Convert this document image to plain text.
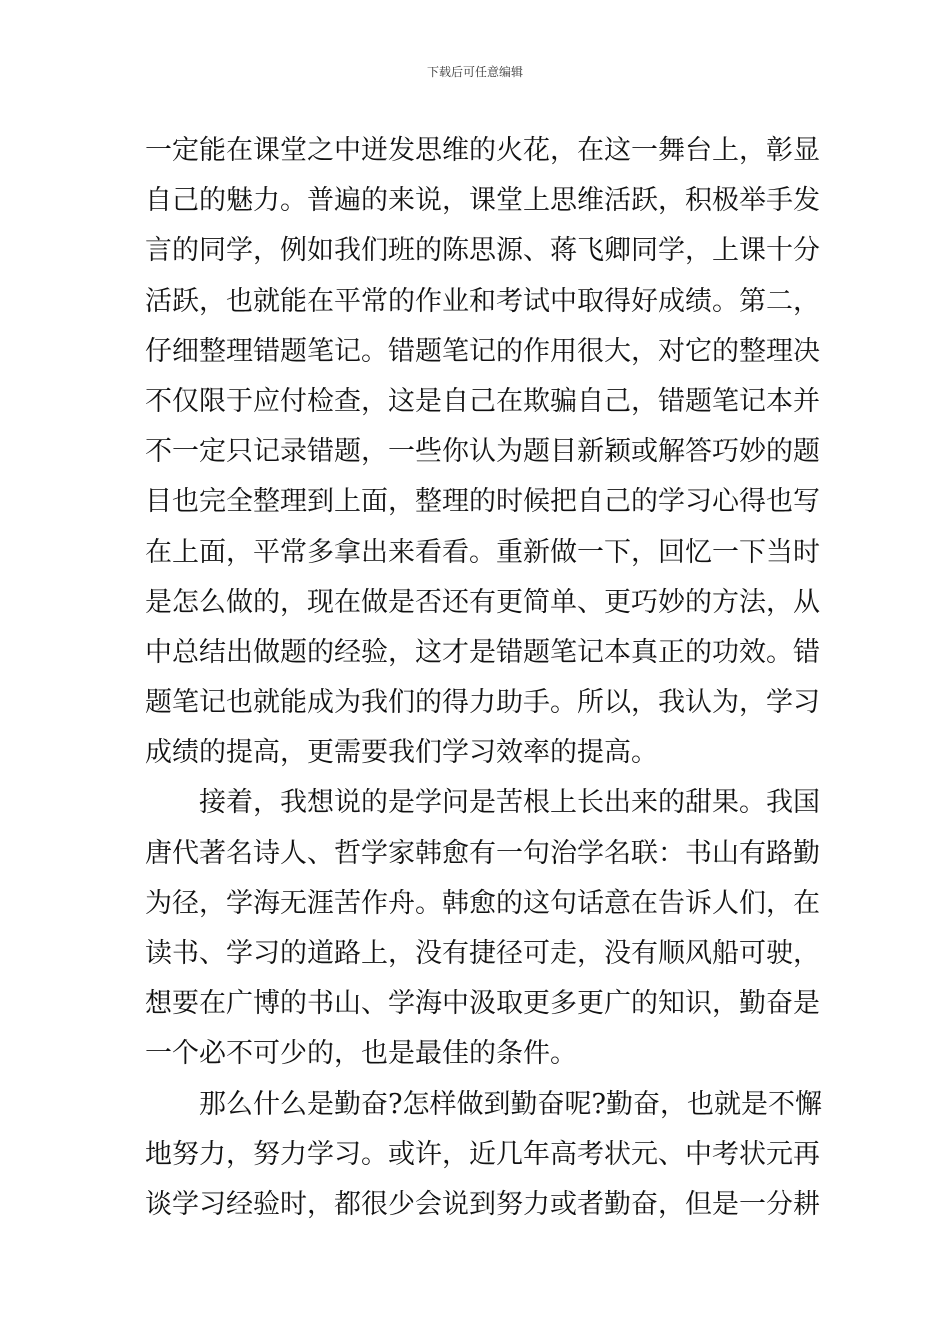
下载后可任意编辑
一定能在课堂之中迸发思维的火花，在这一舞台上，彰显
自己的魅力。普遍的来说，课堂上思维活跃，积极举手发
言的同学，例如我们班的陈思源、蒋飞卿同学，上课十分
活跃，也就能在平常的作业和考试中取得好成绩。第二，
仔细整理错题笔记。错题笔记的作用很大，对它的整理决
不仅限于应付检查，这是自己在欺骗自己，错题笔记本并
不一定只记录错题，一些你认为题目新颖或解答巧妙的题
目也完全整理到上面，整理的时候把自己的学习心得也写
在上面，平常多拿出来看看。重新做一下，回忆一下当时
是怎么做的，现在做是否还有更简单、更巧妙的方法，从
中总结出做题的经验，这才是错题笔记本真正的功效。错
题笔记也就能成为我们的得力助手。所以，我认为，学习
成绩的提高，更需要我们学习效率的提高。
接着，我想说的是学问是苦根上长出来的甜果。我国
唐代著名诗人、哲学家韩愈有一句治学名联：书山有路勤
为径，学海无涯苦作舟。韩愈的这句话意在告诉人们，在
读书、学习的道路上，没有捷径可走，没有顺风船可驶，
想要在广博的书山、学海中汲取更多更广的知识，勤奋是
一个必不可少的，也是最佳的条件。
那么什么是勤奋?怎样做到勤奋呢?勤奋，也就是不懈
地努力，努力学习。或许，近几年高考状元、中考状元再
谈学习经验时，都很少会说到努力或者勤奋，但是一分耕
